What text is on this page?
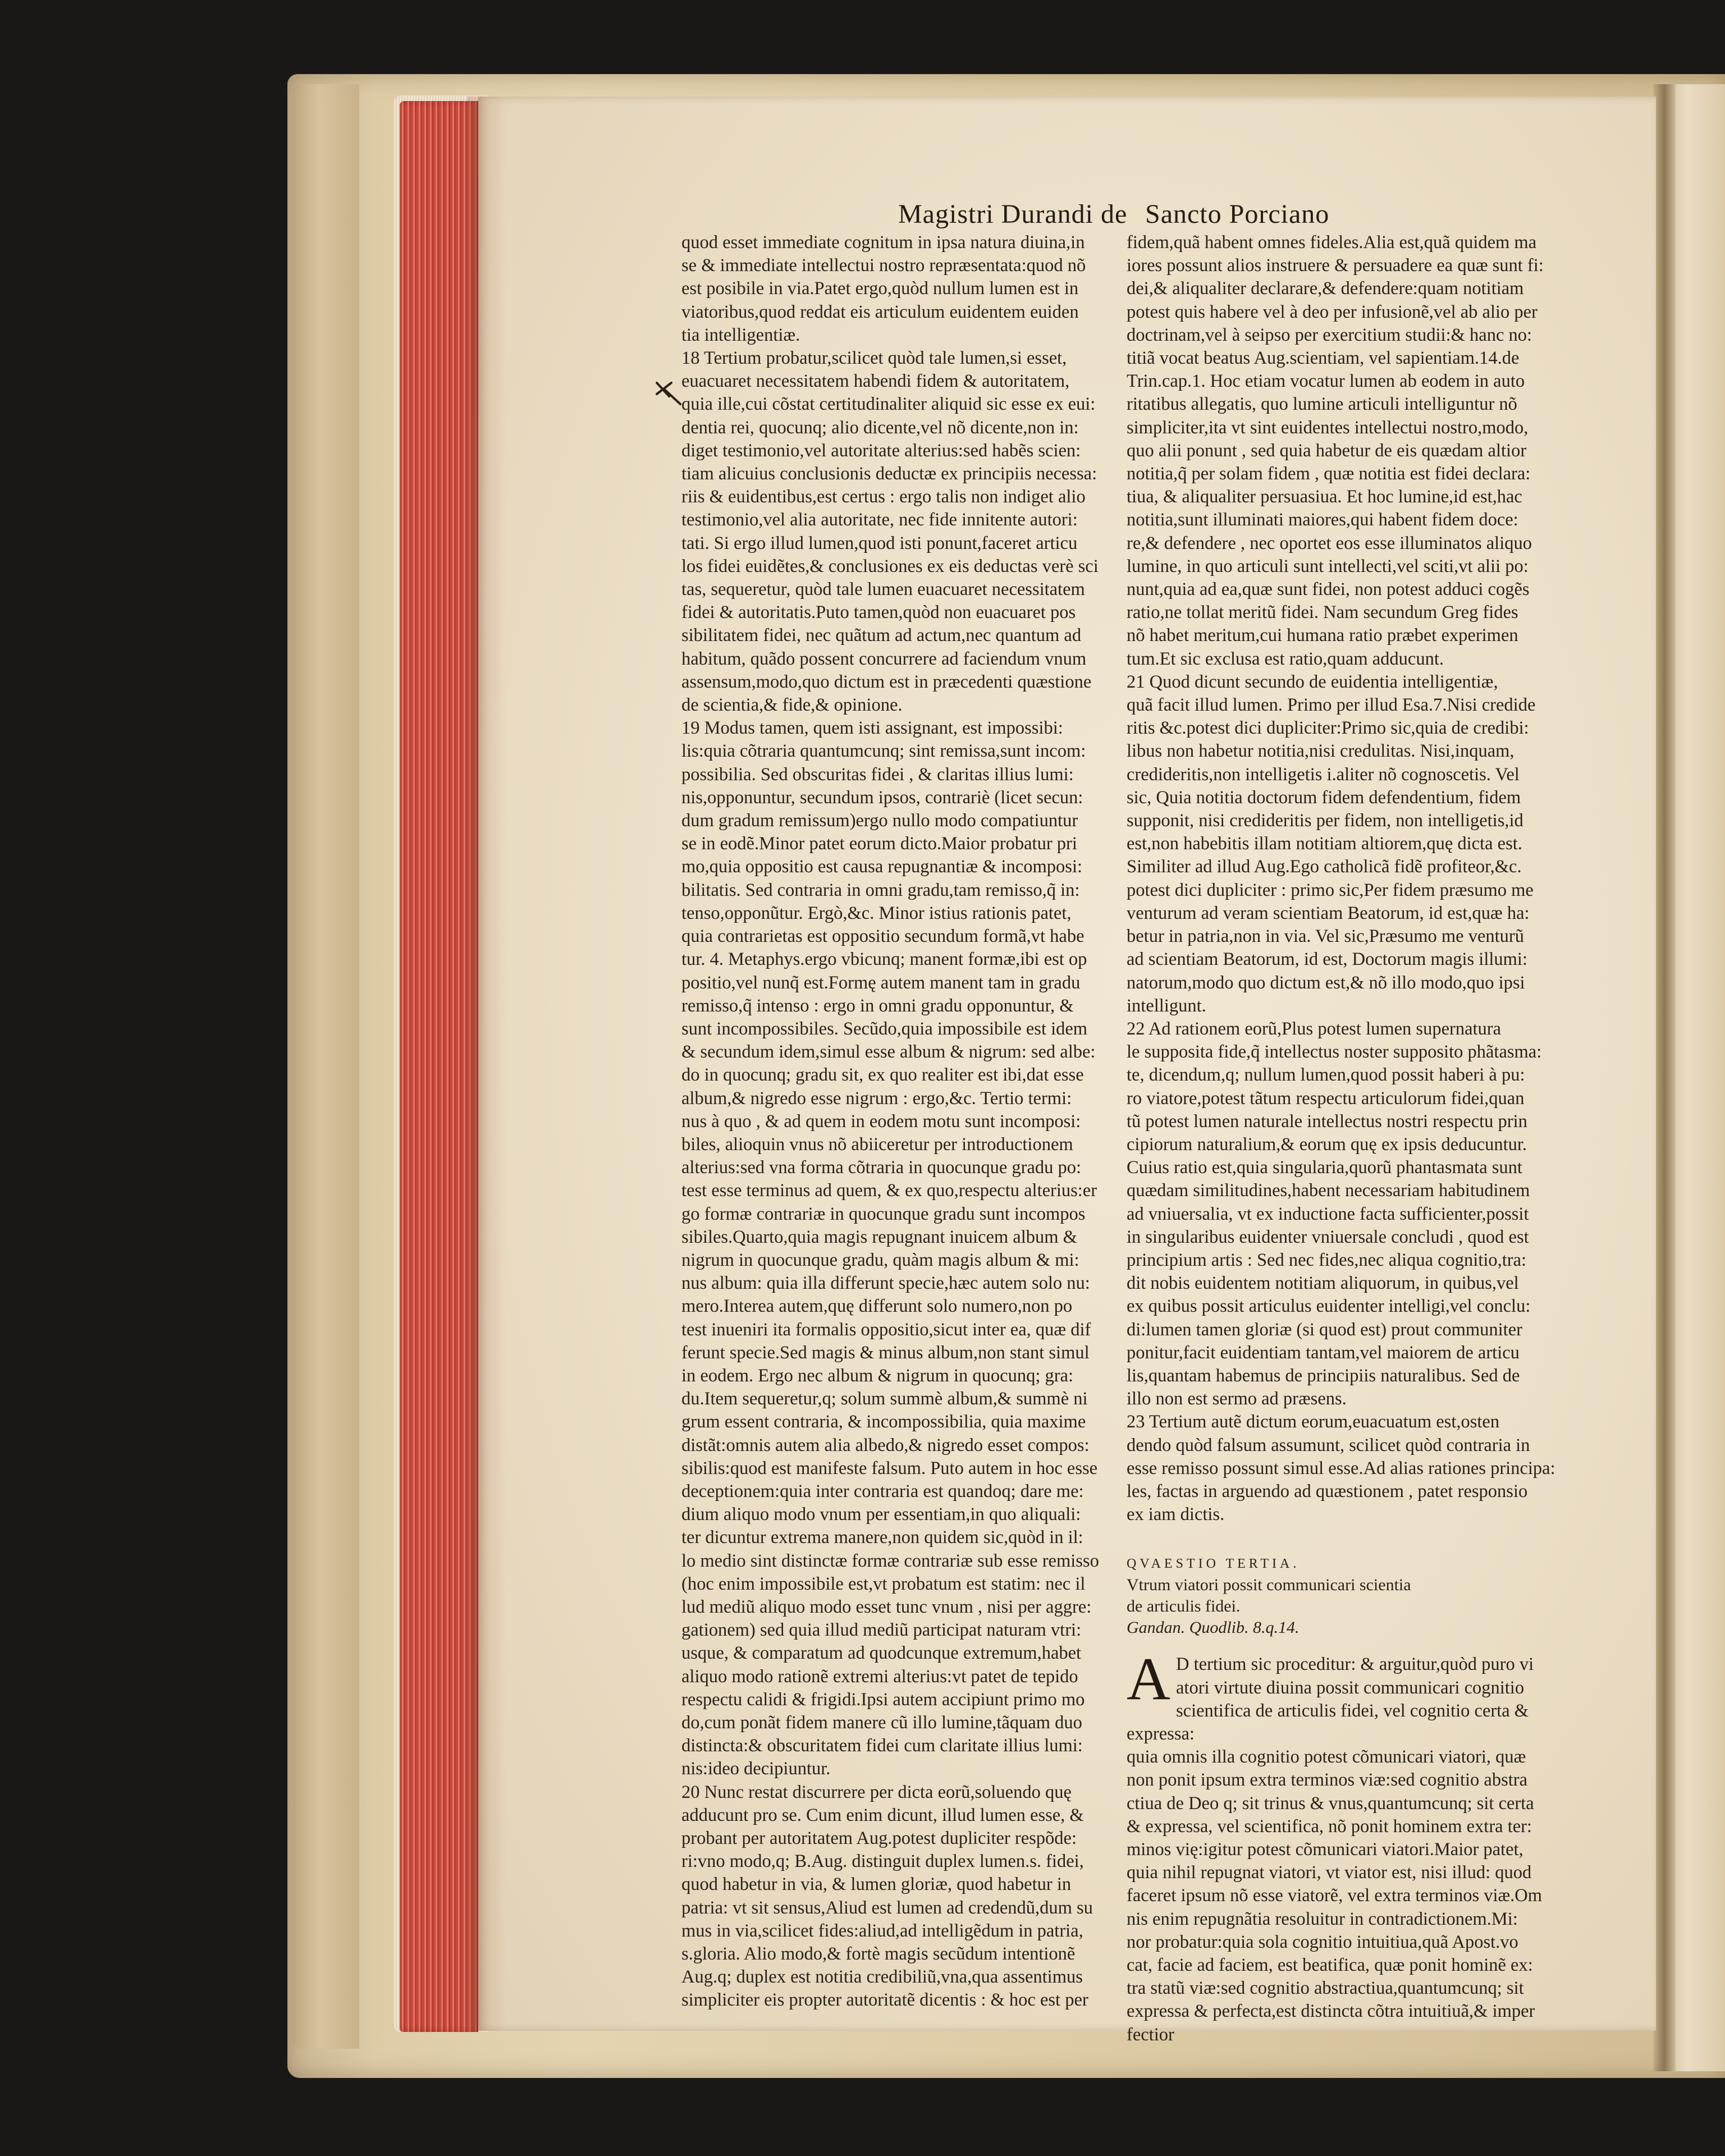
Magistri Durandi de Sancto Porciano

quod esset immediate cognitum in ipsa natura diuina,in
se & immediate intellectui nostro repræsentata:quod nõ
est posibile in via.Patet ergo,quòd nullum lumen est in
viatoribus,quod reddat eis articulum euidentem euiden
tia intelligentiæ.

18 Tertium probatur,scilicet quòd tale lumen,si esset,
euacuaret necessitatem habendi fidem & autoritatem,
quia ille,cui cõstat certitudinaliter aliquid sic esse ex eui:
dentia rei, quocunq; alio dicente,vel nõ dicente,non in:
diget testimonio,vel autoritate alterius:sed habẽs scien:
tiam alicuius conclusionis deductæ ex principiis necessa:
riis & euidentibus,est certus : ergo talis non indiget alio
testimonio,vel alia autoritate, nec fide innitente autori:
tati. Si ergo illud lumen,quod isti ponunt,faceret articu
los fidei euidẽtes,& conclusiones ex eis deductas verè sci
tas, sequeretur, quòd tale lumen euacuaret necessitatem
fidei & autoritatis.Puto tamen,quòd non euacuaret pos
sibilitatem fidei, nec quãtum ad actum,nec quantum ad
habitum, quãdo possent concurrere ad faciendum vnum
assensum,modo,quo dictum est in præcedenti quæstione
de scientia,& fide,& opinione.

19 Modus tamen, quem isti assignant, est impossibi:
lis:quia cõtraria quantumcunq; sint remissa,sunt incom:
possibilia. Sed obscuritas fidei , & claritas illius lumi:
nis,opponuntur, secundum ipsos, contrariè (licet secun:
dum gradum remissum)ergo nullo modo compatiuntur
se in eodẽ.Minor patet eorum dicto.Maior probatur pri
mo,quia oppositio est causa repugnantiæ & incomposi:
bilitatis. Sed contraria in omni gradu,tam remisso,q̃ in:
tenso,opponũtur. Ergò,&c. Minor istius rationis patet,
quia contrarietas est oppositio secundum formã,vt habe
tur. 4. Metaphys.ergo vbicunq; manent formæ,ibi est op
positio,vel nunq̃ est.Formę autem manent tam in gradu
remisso,q̃ intenso : ergo in omni gradu opponuntur, &
sunt incompossibiles. Secũdo,quia impossibile est idem
& secundum idem,simul esse album & nigrum: sed albe:
do in quocunq; gradu sit, ex quo realiter est ibi,dat esse
album,& nigredo esse nigrum : ergo,&c. Tertio termi:
nus à quo , & ad quem in eodem motu sunt incomposi:
biles, alioquin vnus nõ abiiceretur per introductionem
alterius:sed vna forma cõtraria in quocunque gradu po:
test esse terminus ad quem, & ex quo,respectu alterius:er
go formæ contrariæ in quocunque gradu sunt incompos
sibiles.Quarto,quia magis repugnant inuicem album &
nigrum in quocunque gradu, quàm magis album & mi:
nus album: quia illa differunt specie,hæc autem solo nu:
mero.Interea autem,quę differunt solo numero,non po
test inueniri ita formalis oppositio,sicut inter ea, quæ dif
ferunt specie.Sed magis & minus album,non stant simul
in eodem. Ergo nec album & nigrum in quocunq; gra:
du.Item sequeretur,q; solum summè album,& summè ni
grum essent contraria, & incompossibilia, quia maxime
distãt:omnis autem alia albedo,& nigredo esset compos:
sibilis:quod est manifeste falsum. Puto autem in hoc esse
deceptionem:quia inter contraria est quandoq; dare me:
dium aliquo modo vnum per essentiam,in quo aliquali:
ter dicuntur extrema manere,non quidem sic,quòd in il:
lo medio sint distinctæ formæ contrariæ sub esse remisso
(hoc enim impossibile est,vt probatum est statim: nec il
lud mediũ aliquo modo esset tunc vnum , nisi per aggre:
gationem) sed quia illud mediũ participat naturam vtri:
usque, & comparatum ad quodcunque extremum,habet
aliquo modo rationẽ extremi alterius:vt patet de tepido
respectu calidi & frigidi.Ipsi autem accipiunt primo mo
do,cum ponãt fidem manere cũ illo lumine,tãquam duo
distincta:& obscuritatem fidei cum claritate illius lumi:
nis:ideo decipiuntur.

20 Nunc restat discurrere per dicta eorũ,soluendo quę
adducunt pro se. Cum enim dicunt, illud lumen esse, &
probant per autoritatem Aug.potest dupliciter respõde:
ri:vno modo,q; B.Aug. distinguit duplex lumen.s. fidei,
quod habetur in via, & lumen gloriæ, quod habetur in
patria: vt sit sensus,Aliud est lumen ad credendũ,dum su
mus in via,scilicet fides:aliud,ad intelligẽdum in patria,
s.gloria. Alio modo,& fortè magis secũdum intentionẽ
Aug.q; duplex est notitia credibiliũ,vna,qua assentimus
simpliciter eis propter autoritatẽ dicentis : & hoc est per

fidem,quã habent omnes fideles.Alia est,quã quidem ma
iores possunt alios instruere & persuadere ea quæ sunt fi:
dei,& aliqualiter declarare,& defendere:quam notitiam
potest quis habere vel à deo per infusionẽ,vel ab alio per
doctrinam,vel à seipso per exercitium studii:& hanc no:
titiã vocat beatus Aug.scientiam, vel sapientiam.14.de
Trin.cap.1. Hoc etiam vocatur lumen ab eodem in auto
ritatibus allegatis, quo lumine articuli intelliguntur nõ
simpliciter,ita vt sint euidentes intellectui nostro,modo,
quo alii ponunt , sed quia habetur de eis quædam altior
notitia,q̃ per solam fidem , quæ notitia est fidei declara:
tiua, & aliqualiter persuasiua. Et hoc lumine,id est,hac
notitia,sunt illuminati maiores,qui habent fidem doce:
re,& defendere , nec oportet eos esse illuminatos aliquo
lumine, in quo articuli sunt intellecti,vel sciti,vt alii po:
nunt,quia ad ea,quæ sunt fidei, non potest adduci cogẽs
ratio,ne tollat meritũ fidei. Nam secundum Greg fides
nõ habet meritum,cui humana ratio præbet experimen
tum.Et sic exclusa est ratio,quam adducunt.

21 Quod dicunt secundo de euidentia intelligentiæ,
quã facit illud lumen. Primo per illud Esa.7.Nisi credide
ritis &c.potest dici dupliciter:Primo sic,quia de credibi:
libus non habetur notitia,nisi credulitas. Nisi,inquam,
credideritis,non intelligetis i.aliter nõ cognoscetis. Vel
sic, Quia notitia doctorum fidem defendentium, fidem
supponit, nisi credideritis per fidem, non intelligetis,id
est,non habebitis illam notitiam altiorem,quę dicta est.
Similiter ad illud Aug.Ego catholicã fidẽ profiteor,&c.
potest dici dupliciter : primo sic,Per fidem præsumo me
venturum ad veram scientiam Beatorum, id est,quæ ha:
betur in patria,non in via. Vel sic,Præsumo me venturũ
ad scientiam Beatorum, id est, Doctorum magis illumi:
natorum,modo quo dictum est,& nõ illo modo,quo ipsi
intelligunt.

22 Ad rationem eorũ,Plus potest lumen supernatura
le supposita fide,q̃ intellectus noster supposito phãtasma:
te, dicendum,q; nullum lumen,quod possit haberi à pu:
ro viatore,potest tãtum respectu articulorum fidei,quan
tũ potest lumen naturale intellectus nostri respectu prin
cipiorum naturalium,& eorum quę ex ipsis deducuntur.
Cuius ratio est,quia singularia,quorũ phantasmata sunt
quædam similitudines,habent necessariam habitudinem
ad vniuersalia, vt ex inductione facta sufficienter,possit
in singularibus euidenter vniuersale concludi , quod est
principium artis : Sed nec fides,nec aliqua cognitio,tra:
dit nobis euidentem notitiam aliquorum, in quibus,vel
ex quibus possit articulus euidenter intelligi,vel conclu:
di:lumen tamen gloriæ (si quod est) prout communiter
ponitur,facit euidentiam tantam,vel maiorem de articu
lis,quantam habemus de principiis naturalibus. Sed de
illo non est sermo ad præsens.

23 Tertium autẽ dictum eorum,euacuatum est,osten
dendo quòd falsum assumunt, scilicet quòd contraria in
esse remisso possunt simul esse.Ad alias rationes principa:
les, factas in arguendo ad quæstionem , patet responsio
ex iam dictis.

QVAESTIO TERTIA.

Vtrum viatori possit communicari scientia
de articulis fidei.

Gandan. Quodlib. 8.q.14.

A D tertium sic proceditur: & arguitur,quòd puro vi
atori virtute diuina possit communicari cognitio
scientifica de articulis fidei, vel cognitio certa & expressa:
quia omnis illa cognitio potest cõmunicari viatori, quæ
non ponit ipsum extra terminos viæ:sed cognitio abstra
ctiua de Deo q; sit trinus & vnus,quantumcunq; sit certa
& expressa, vel scientifica, nõ ponit hominem extra ter:
minos vię:igitur potest cõmunicari viatori.Maior patet,
quia nihil repugnat viatori, vt viator est, nisi illud: quod
faceret ipsum nõ esse viatorẽ, vel extra terminos viæ.Om
nis enim repugnãtia resoluitur in contradictionem.Mi:
nor probatur:quia sola cognitio intuitiua,quã Apost.vo
cat, facie ad faciem, est beatifica, quæ ponit hominẽ ex:
tra statũ viæ:sed cognitio abstractiua,quantumcunq; sit
expressa & perfecta,est distincta cõtra intuitiuã,& imper
fectior
